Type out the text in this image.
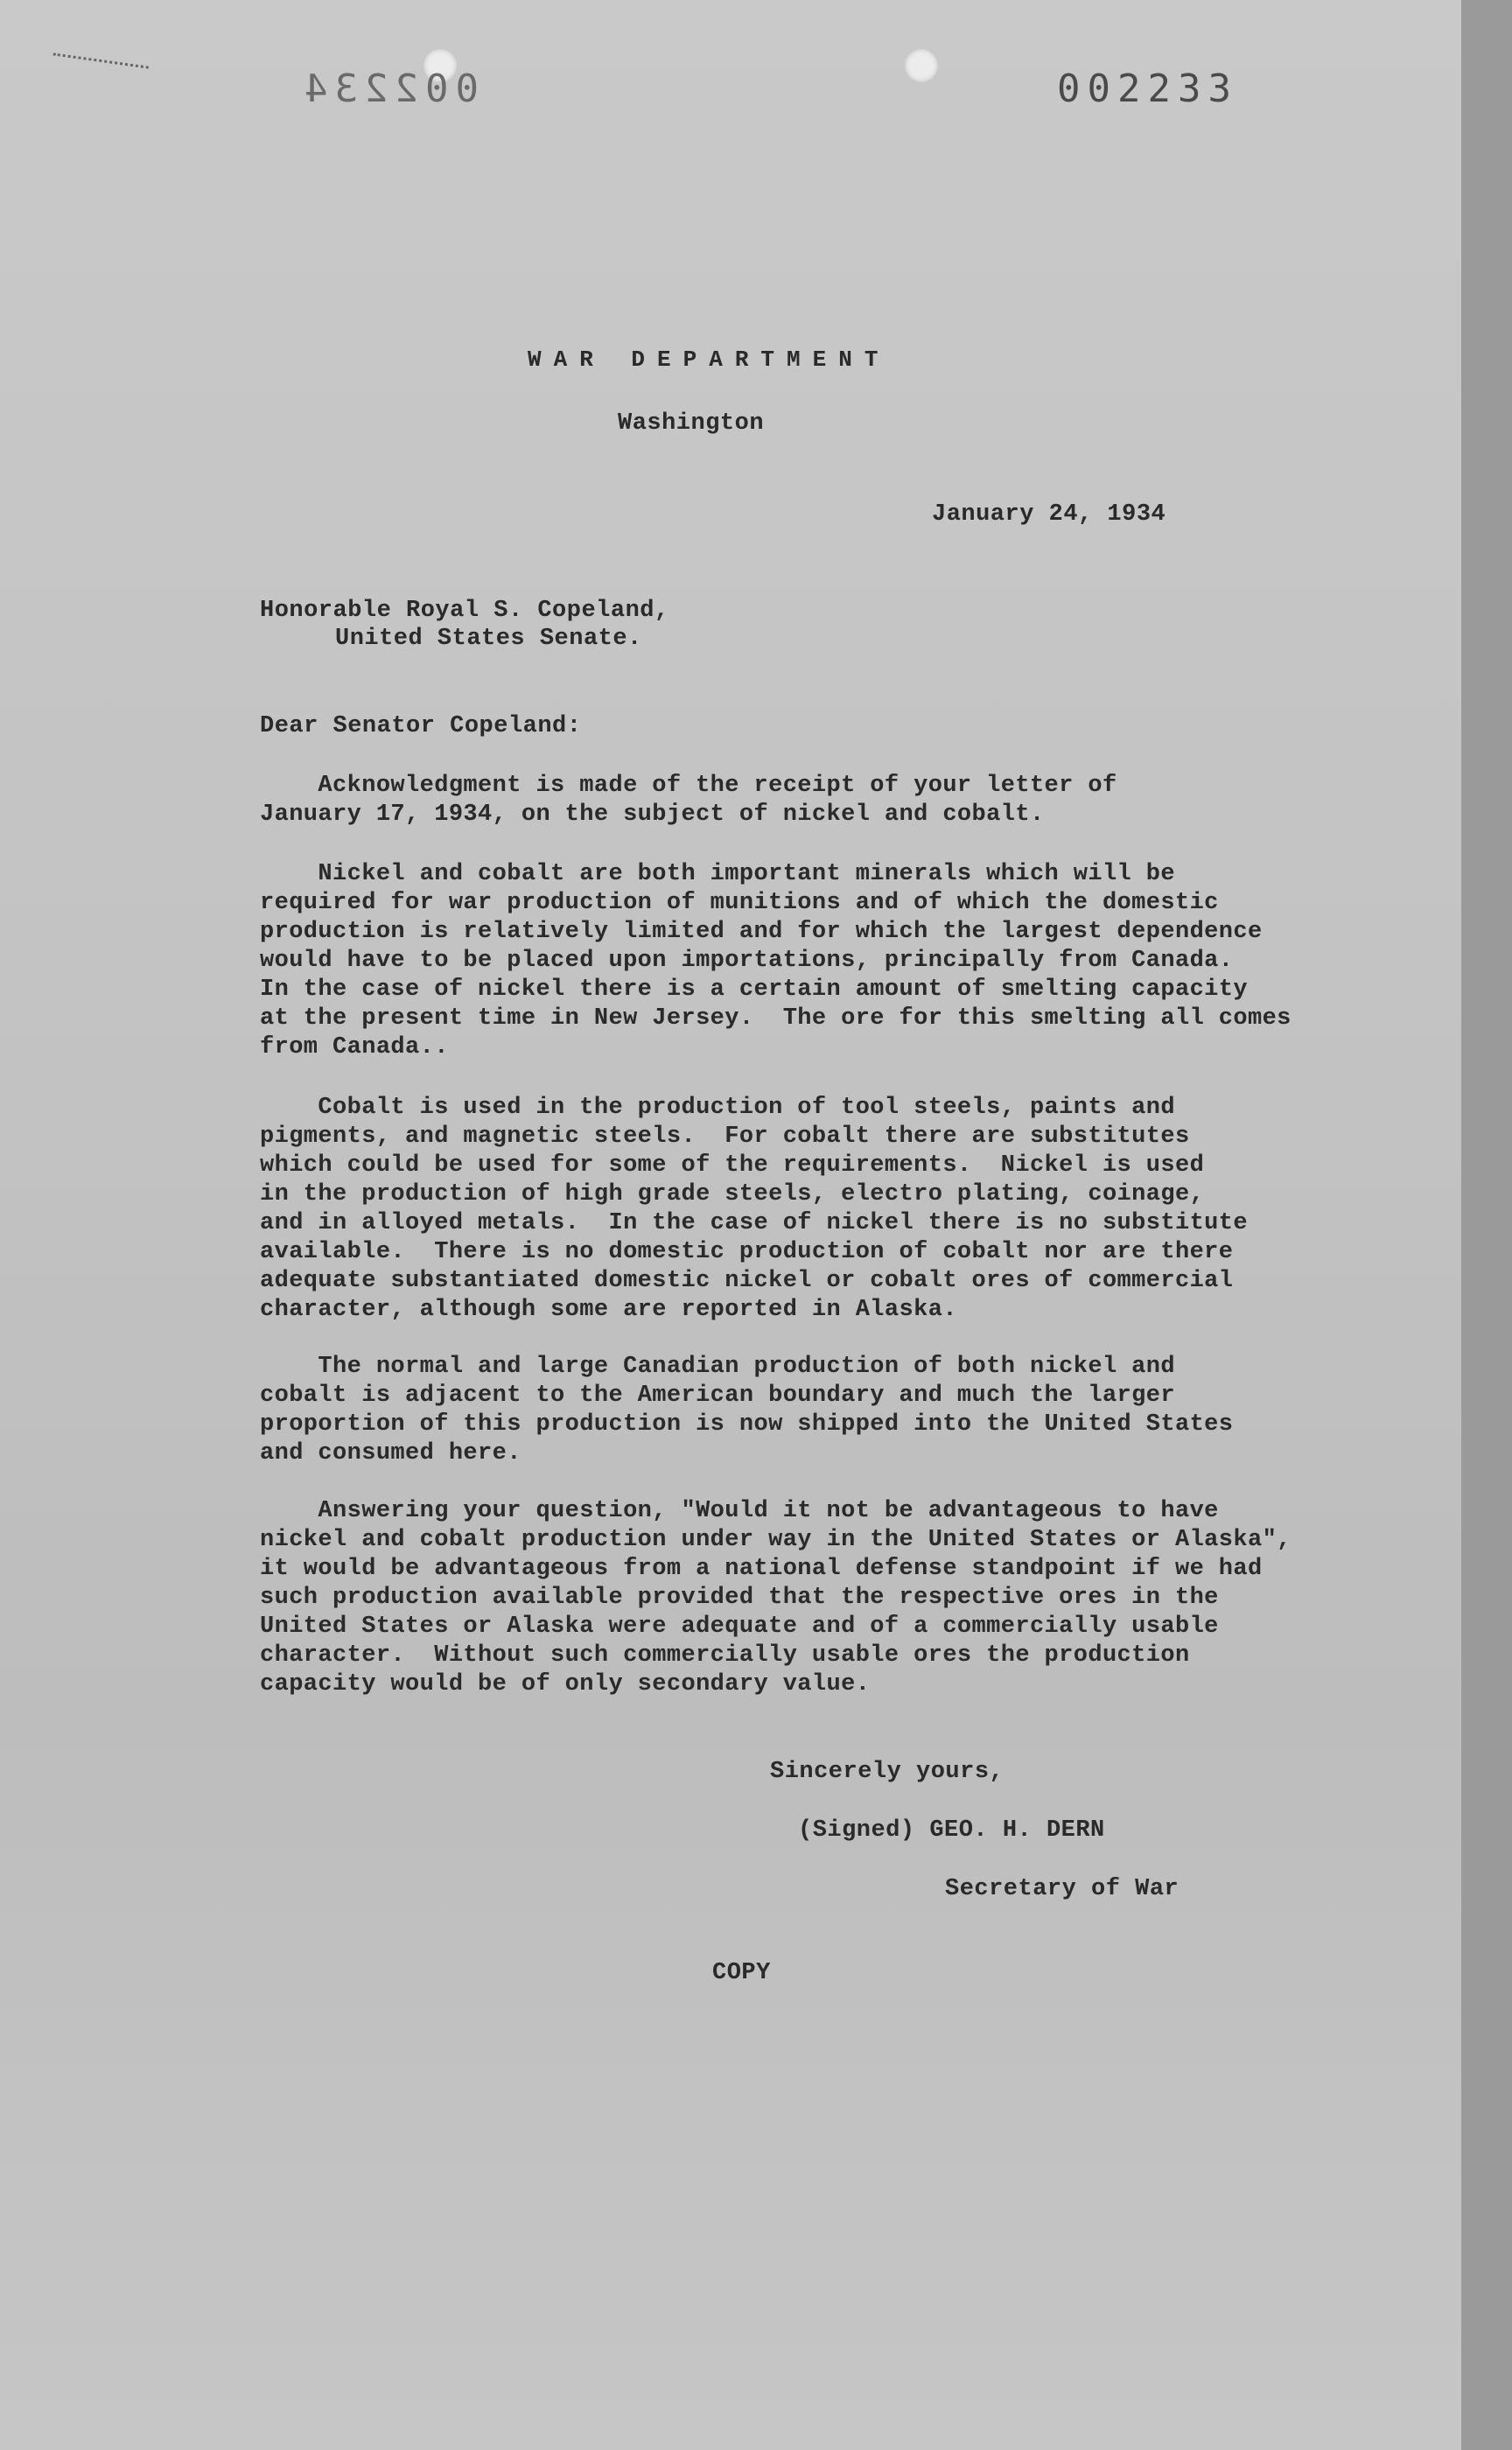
002234	002233
WAR DEPARTMENT
Washington
January 24, 1934
Honorable Royal S. Copeland,
United States Senate.
Dear Senator Copeland:
Acknowledgment is made of the receipt of your letter of
January 17, 1934, on the subject of nickel and cobalt.
Nickel and cobalt are both important minerals which will be
required for war production of munitions and of which the domestic
production is relatively limited and for which the largest dependence
would have to be placed upon importations, principally from Canada.
In the case of nickel there is a certain amount of smelting capacity
at the present time in New Jersey.  The ore for this smelting all comes
from Canada..
Cobalt is used in the production of tool steels, paints and
pigments, and magnetic steels.  For cobalt there are substitutes
which could be used for some of the requirements.  Nickel is used
in the production of high grade steels, electro plating, coinage,
and in alloyed metals.  In the case of nickel there is no substitute
available.  There is no domestic production of cobalt nor are there
adequate substantiated domestic nickel or cobalt ores of commercial
character, although some are reported in Alaska.
The normal and large Canadian production of both nickel and
cobalt is adjacent to the American boundary and much the larger
proportion of this production is now shipped into the United States
and consumed here.
Answering your question, "Would it not be advantageous to have
nickel and cobalt production under way in the United States or Alaska",
it would be advantageous from a national defense standpoint if we had
such production available provided that the respective ores in the
United States or Alaska were adequate and of a commercially usable
character.  Without such commercially usable ores the production
capacity would be of only secondary value.
Sincerely yours,
(Signed) GEO. H. DERN
Secretary of War
COPY
